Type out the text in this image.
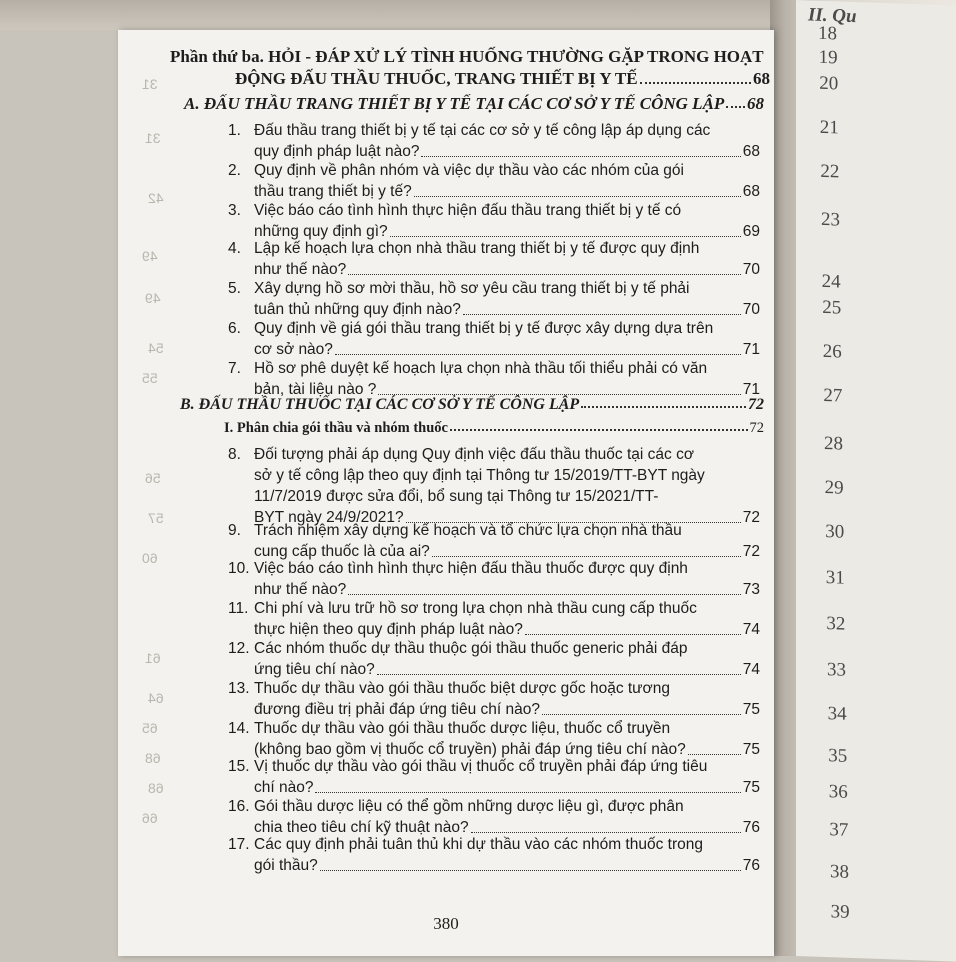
II. Qu
18
19
20
21
22
23
24
25
26
27
28
29
30
31
32
33
34
35
36
37
38
39
31
31
42
49
49
54
55
56
57
60
61
64
65
68
68
66
Phần thứ ba. HỎI - ĐÁP XỬ LÝ TÌNH HUỐNG THƯỜNG GẶP TRONG HOẠT
ĐỘNG ĐẤU THẦU THUỐC, TRANG THIẾT BỊ Y TẾ	68
A. ĐẤU THẦU TRANG THIẾT BỊ Y TẾ TẠI CÁC CƠ SỞ Y TẾ CÔNG LẬP 68
B. ĐẤU THẦU THUỐC TẠI CÁC CƠ SỞ Y TẾ CÔNG LẬP	72
I. Phân chia gói thầu và nhóm thuốc	72
1. Đấu thầu trang thiết bị y tế tại các cơ sở y tế công lập áp dụng các
quy định pháp luật nào?	68
2. Quy định về phân nhóm và việc dự thầu vào các nhóm của gói
thầu trang thiết bị y tế?	68
3. Việc báo cáo tình hình thực hiện đấu thầu trang thiết bị y tế có
những quy định gì?	69
4. Lập kế hoạch lựa chọn nhà thầu trang thiết bị y tế được quy định
như thế nào?	70
5. Xây dựng hồ sơ mời thầu, hồ sơ yêu cầu trang thiết bị y tế phải
tuân thủ những quy định nào?	70
6. Quy định về giá gói thầu trang thiết bị y tế được xây dựng dựa trên
cơ sở nào?	71
7. Hồ sơ phê duyệt kế hoạch lựa chọn nhà thầu tối thiểu phải có văn
bản, tài liệu nào ?	71
8. Đối tượng phải áp dụng Quy định việc đấu thầu thuốc tại các cơ
sở y tế công lập theo quy định tại Thông tư 15/2019/TT-BYT ngày
11/7/2019 được sửa đổi, bổ sung tại Thông tư 15/2021/TT-
BYT ngày 24/9/2021?	72
9. Trách nhiệm xây dựng kế hoạch và tổ chức lựa chọn nhà thầu
cung cấp thuốc là của ai?	72
10. Việc báo cáo tình hình thực hiện đấu thầu thuốc được quy định
như thế nào?	73
11. Chi phí và lưu trữ hồ sơ trong lựa chọn nhà thầu cung cấp thuốc
thực hiện theo quy định pháp luật nào?	74
12. Các nhóm thuốc dự thầu thuộc gói thầu thuốc generic phải đáp
ứng tiêu chí nào?	74
13. Thuốc dự thầu vào gói thầu thuốc biệt dược gốc hoặc tương
đương điều trị phải đáp ứng tiêu chí nào?	75
14. Thuốc dự thầu vào gói thầu thuốc dược liệu, thuốc cổ truyền
(không bao gồm vị thuốc cổ truyền) phải đáp ứng tiêu chí nào?	75
15. Vị thuốc dự thầu vào gói thầu vị thuốc cổ truyền phải đáp ứng tiêu
chí nào?	75
16. Gói thầu dược liệu có thể gồm những dược liệu gì, được phân
chia theo tiêu chí kỹ thuật nào?	76
17. Các quy định phải tuân thủ khi dự thầu vào các nhóm thuốc trong
gói thầu?	76
380
